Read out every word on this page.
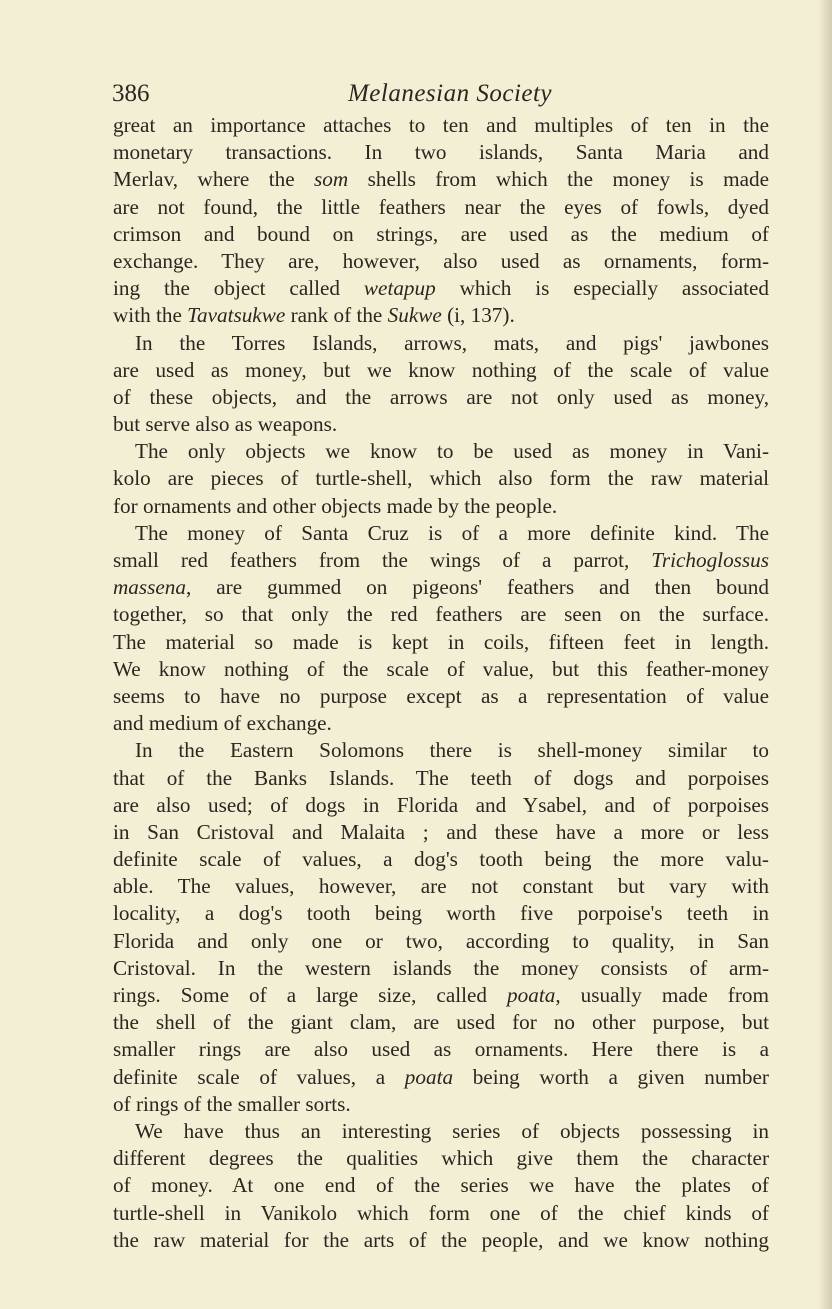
386	Melanesian Society
great an importance attaches to ten and multiples of ten in the
monetary transactions. In two islands, Santa Maria and
Merlav, where the som shells from which the money is made
are not found, the little feathers near the eyes of fowls, dyed
crimson and bound on strings, are used as the medium of
exchange. They are, however, also used as ornaments, form-
ing the object called wetapup which is especially associated
with the Tavatsukwe rank of the Sukwe (i, 137).
In the Torres Islands, arrows, mats, and pigs' jawbones
are used as money, but we know nothing of the scale of value
of these objects, and the arrows are not only used as money,
but serve also as weapons.
The only objects we know to be used as money in Vani-
kolo are pieces of turtle-shell, which also form the raw material
for ornaments and other objects made by the people.
The money of Santa Cruz is of a more definite kind. The
small red feathers from the wings of a parrot, Trichoglossus
massena, are gummed on pigeons' feathers and then bound
together, so that only the red feathers are seen on the surface.
The material so made is kept in coils, fifteen feet in length.
We know nothing of the scale of value, but this feather-money
seems to have no purpose except as a representation of value
and medium of exchange.
In the Eastern Solomons there is shell-money similar to
that of the Banks Islands. The teeth of dogs and porpoises
are also used; of dogs in Florida and Ysabel, and of porpoises
in San Cristoval and Malaita ; and these have a more or less
definite scale of values, a dog's tooth being the more valu-
able. The values, however, are not constant but vary with
locality, a dog's tooth being worth five porpoise's teeth in
Florida and only one or two, according to quality, in San
Cristoval. In the western islands the money consists of arm-
rings. Some of a large size, called poata, usually made from
the shell of the giant clam, are used for no other purpose, but
smaller rings are also used as ornaments. Here there is a
definite scale of values, a poata being worth a given number
of rings of the smaller sorts.
We have thus an interesting series of objects possessing in
different degrees the qualities which give them the character
of money. At one end of the series we have the plates of
turtle-shell in Vanikolo which form one of the chief kinds of
the raw material for the arts of the people, and we know nothing
